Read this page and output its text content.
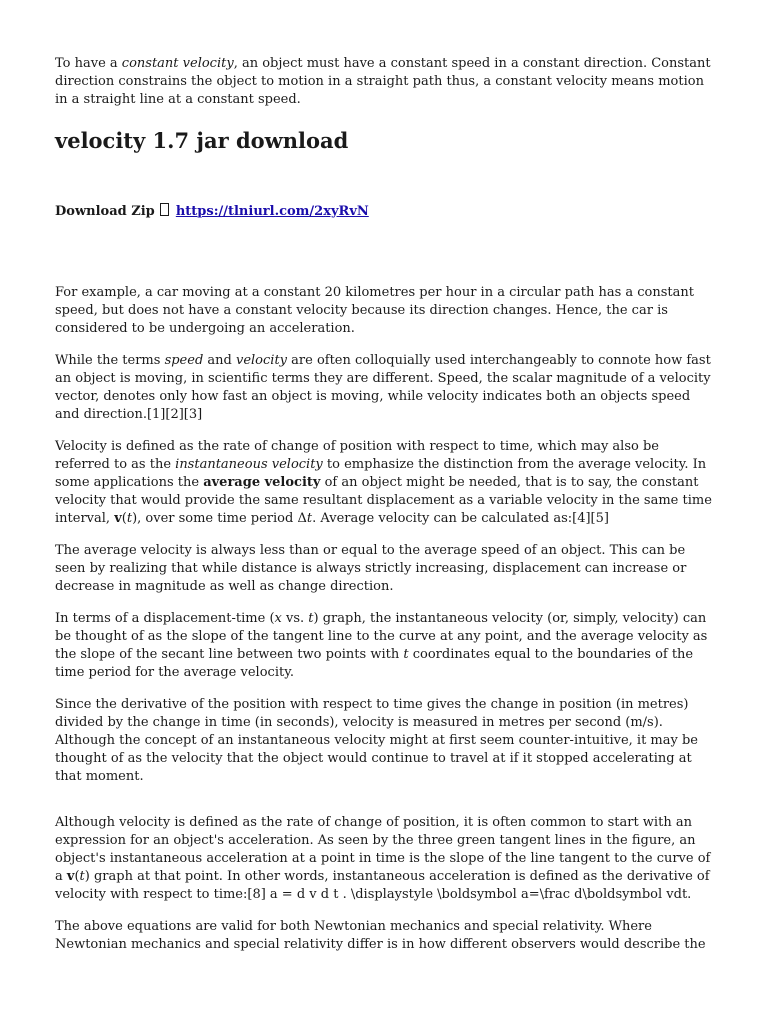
To have a constant velocity, an object must have a constant speed in a constant direction. Constant direction constrains the object to motion in a straight path thus, a constant velocity means motion in a straight line at a constant speed.

velocity 1.7 jar download
Download Zip https://tlniurl.com/2xyRvN

For example, a car moving at a constant 20 kilometres per hour in a circular path has a constant speed, but does not have a constant velocity because its direction changes. Hence, the car is considered to be undergoing an acceleration.

While the terms speed and velocity are often colloquially used interchangeably to connote how fast an object is moving, in scientific terms they are different. Speed, the scalar magnitude of a velocity vector, denotes only how fast an object is moving, while velocity indicates both an objects speed and direction.[1][2][3]

Velocity is defined as the rate of change of position with respect to time, which may also be referred to as the instantaneous velocity to emphasize the distinction from the average velocity. In some applications the average velocity of an object might be needed, that is to say, the constant velocity that would provide the same resultant displacement as a variable velocity in the same time interval, v(t), over some time period Δt. Average velocity can be calculated as:[4][5]

The average velocity is always less than or equal to the average speed of an object. This can be seen by realizing that while distance is always strictly increasing, displacement can increase or decrease in magnitude as well as change direction.

In terms of a displacement-time (x vs. t) graph, the instantaneous velocity (or, simply, velocity) can be thought of as the slope of the tangent line to the curve at any point, and the average velocity as the slope of the secant line between two points with t coordinates equal to the boundaries of the time period for the average velocity.

Since the derivative of the position with respect to time gives the change in position (in metres) divided by the change in time (in seconds), velocity is measured in metres per second (m/s). Although the concept of an instantaneous velocity might at first seem counter-intuitive, it may be thought of as the velocity that the object would continue to travel at if it stopped accelerating at that moment.

Although velocity is defined as the rate of change of position, it is often common to start with an expression for an object's acceleration. As seen by the three green tangent lines in the figure, an object's instantaneous acceleration at a point in time is the slope of the line tangent to the curve of a v(t) graph at that point. In other words, instantaneous acceleration is defined as the derivative of velocity with respect to time:[8] a = d v d t . \displaystyle \boldsymbol a=\frac d\boldsymbol vdt.

The above equations are valid for both Newtonian mechanics and special relativity. Where Newtonian mechanics and special relativity differ is in how different observers would describe the
